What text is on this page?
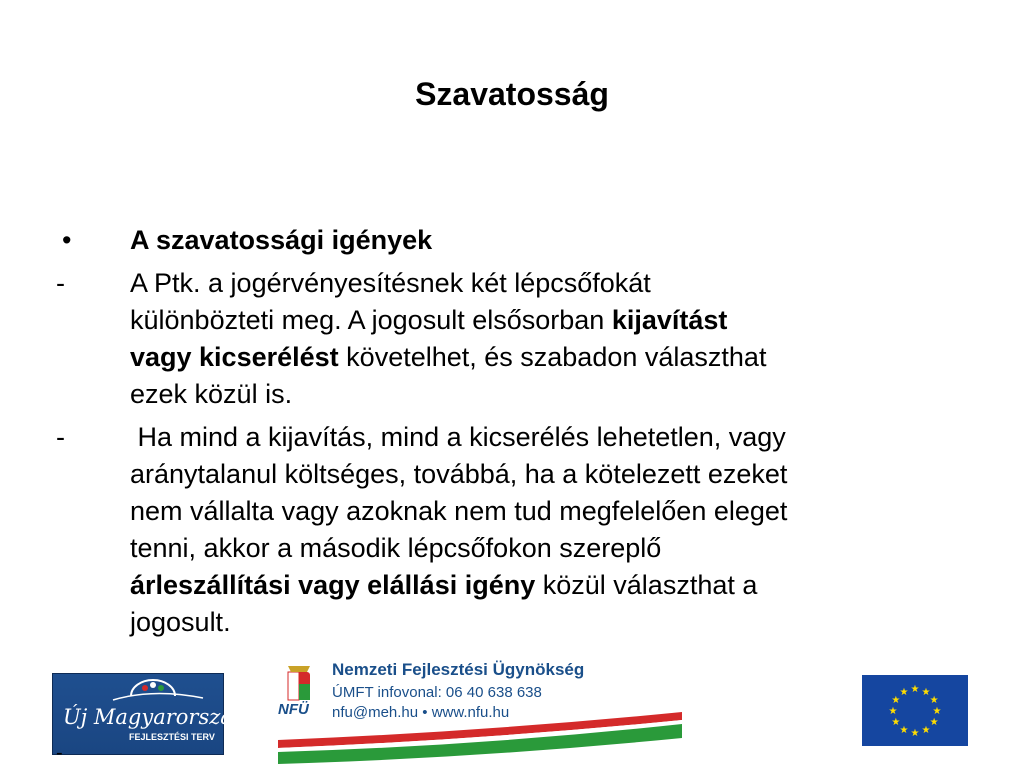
Szavatosság
• A szavatossági igények
- A Ptk. a jogérvényesítésnek két lépcsőfokát
különbözteti meg. A jogosult elsősorban kijavítást
vagy kicserélést követelhet, és szabadon választhat
ezek közül is.
- Ha mind a kijavítás, mind a kicserélés lehetetlen, vagy
aránytalanul költséges, továbbá, ha a kötelezett ezeket
nem vállalta vagy azoknak nem tud megfelelően eleget
tenni, akkor a második lépcsőfokon szereplő
árleszállítási vagy elállási igény közül választhat a
jogosult.
Új Magyarország
FEJLESZTÉSI TERV
NFÜ
Nemzeti Fejlesztési Ügynökség
ÚMFT infovonal: 06 40 638 638
nfu@meh.hu • www.nfu.hu
★ ★
★
★
★
★
★
★
★
★
★
★
-
